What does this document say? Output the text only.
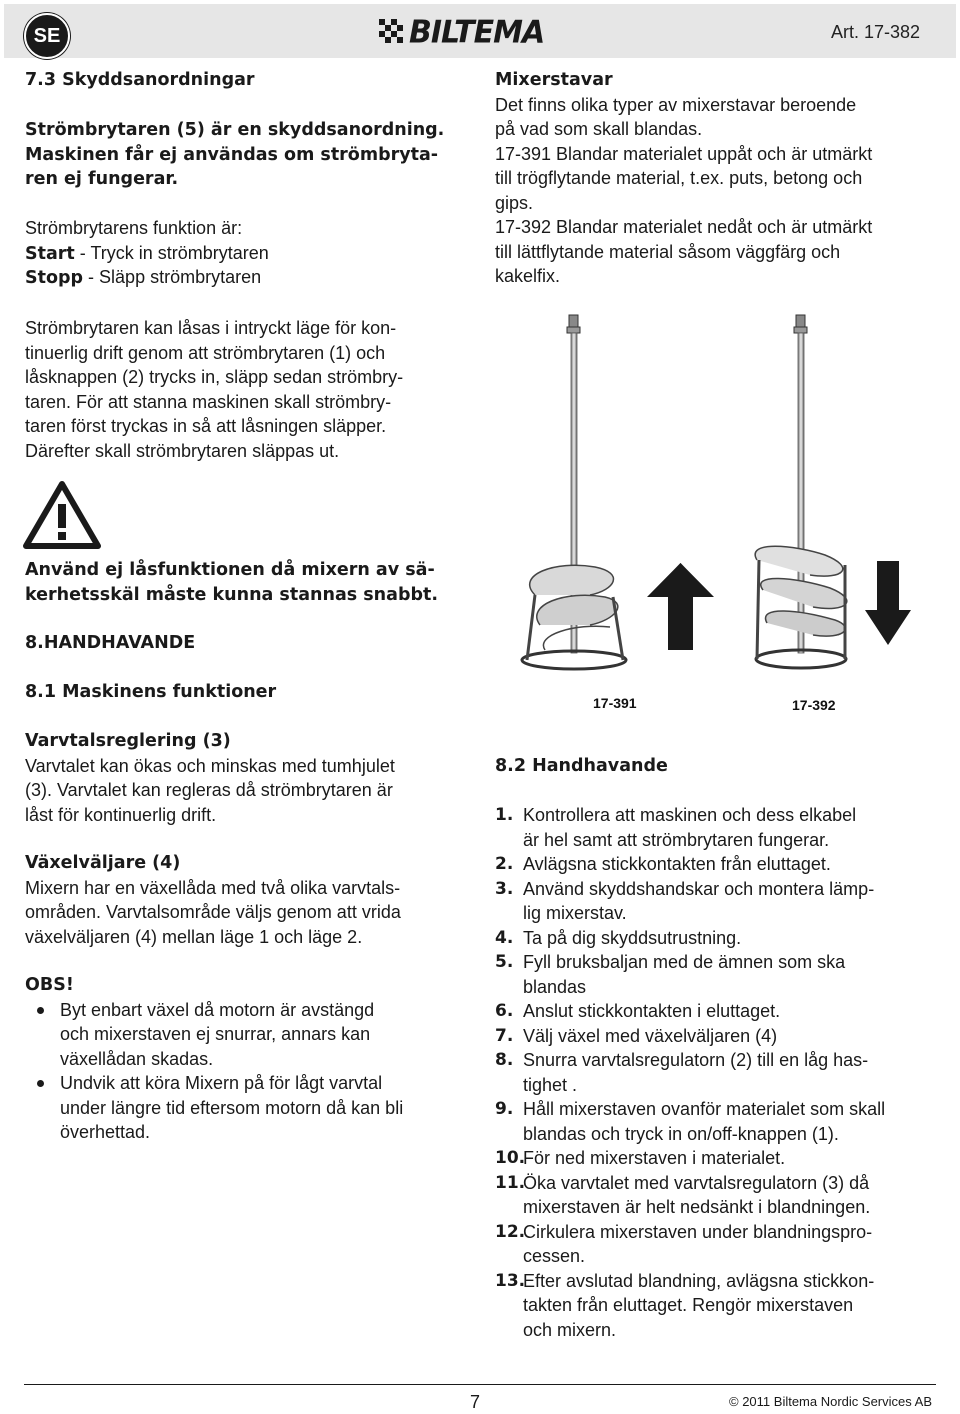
SE	BILTEMA	Art. 17-382

7.3 Skyddsanordningar

Strömbrytaren (5) är en skyddsanordning.

Maskinen får ej användas om strömbryta-

ren ej fungerar.

Strömbrytarens funktion är:

Start - Tryck in strömbrytaren

Stopp - Släpp strömbrytaren

Strömbrytaren kan låsas i intryckt läge för kon-

tinuerlig drift genom att strömbrytaren (1) och

låsknappen (2) trycks in, släpp sedan strömbry-

taren. För att stanna maskinen skall strömbry-

taren först tryckas in så att låsningen släpper.

Därefter skall strömbrytaren släppas ut.

Använd ej låsfunktionen då mixern av sä-

kerhetsskäl måste kunna stannas snabbt.

8.HANDHAVANDE

8.1 Maskinens funktioner

Varvtalsreglering (3)

Varvtalet kan ökas och minskas med tumhjulet

(3). Varvtalet kan regleras då strömbrytaren är

låst för kontinuerlig drift.

Växelväljare (4)

Mixern har en växellåda med två olika varvtals-

områden. Varvtalsområde väljs genom att vrida

växelväljaren (4) mellan läge 1 och läge 2.

OBS!

Byt enbart växel då motorn är avstängd
och mixerstaven ej snurrar, annars kan
växellådan skadas.
Undvik att köra Mixern på för lågt varvtal
under längre tid eftersom motorn då kan bli
överhettad.

Mixerstavar

Det finns olika typer av mixerstavar beroende

på vad som skall blandas.

17-391 Blandar materialet uppåt och är utmärkt

till trögflytande material, t.ex. puts, betong och

gips.

17-392 Blandar materialet nedåt och är utmärkt

till lättflytande material såsom väggfärg och

kakelfix.

17-391	17-392

8.2 Handhavande

1. Kontrollera att maskinen och dess elkabel
är hel samt att strömbrytaren fungerar.
2. Avlägsna stickkontakten från eluttaget.
3. Använd skyddshandskar och montera lämp-
lig mixerstav.
4. Ta på dig skyddsutrustning.
5. Fyll bruksbaljan med de ämnen som ska
blandas
6. Anslut stickkontakten i eluttaget.
7. Välj växel med växelväljaren (4)
8. Snurra varvtalsregulatorn (2) till en låg has-
tighet .
9. Håll mixerstaven ovanför materialet som skall
blandas och tryck in on/off-knappen (1).
10.
För ned mixerstaven i materialet.
11.
Öka varvtalet med varvtalsregulatorn (3) då
mixerstaven är helt nedsänkt i blandningen.
12.
Cirkulera mixerstaven under blandningspro-
cessen.
13.
Efter avslutad blandning, avlägsna stickkon-
takten från eluttaget. Rengör mixerstaven
och mixern.
7	© 2011 Biltema Nordic Services AB
